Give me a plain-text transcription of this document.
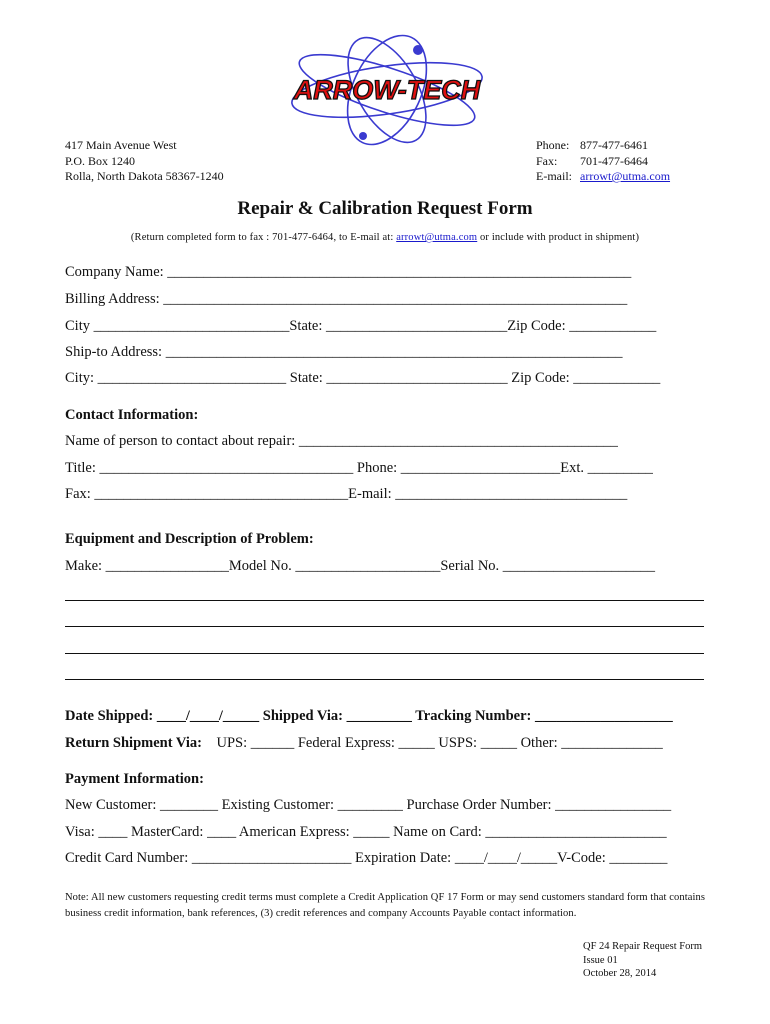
ARROW-TECH
417 Main Avenue West
P.O. Box 1240
Rolla, North Dakota 58367-1240
Phone: 877-477-6461
Fax: 701-477-6464
E-mail: arrowt@utma.com
Repair & Calibration Request Form
(Return completed form to fax : 701-477-6464, to E-mail at: arrowt@utma.com or include with product in shipment)
Company Name: ________________________________________________________________
Billing Address: ________________________________________________________________
City ___________________________State: _________________________Zip Code: ____________
Ship-to Address: _______________________________________________________________
City: __________________________ State: _________________________ Zip Code: ____________
Contact Information:
Name of person to contact about repair: ____________________________________________
Title: ___________________________________ Phone: ______________________Ext. _________
Fax: ___________________________________E-mail: ________________________________
Equipment and Description of Problem:
Make: _________________Model No. ____________________Serial No. _____________________
Date Shipped: ____/____/_____ Shipped Via: _________ Tracking Number: ___________________
Return Shipment Via: UPS: ______ Federal Express: _____ USPS: _____ Other: ______________
Payment Information:
New Customer: ________ Existing Customer: _________ Purchase Order Number: ________________
Visa: ____ MasterCard: ____ American Express: _____ Name on Card: _________________________
Credit Card Number: ______________________ Expiration Date: ____/____/_____V-Code: ________
Note: All new customers requesting credit terms must complete a Credit Application QF 17 Form or may send customers standard form that contains business credit information, bank references, (3) credit references and company Accounts Payable contact information.
QF 24 Repair Request Form
Issue 01
October 28, 2014
